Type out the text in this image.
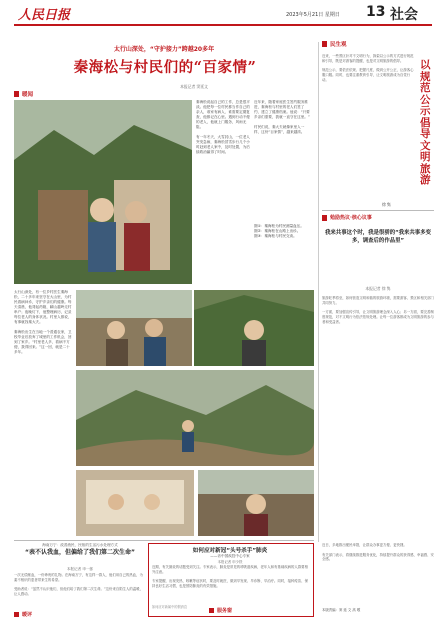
人民日报	2023年5月21日 星期日 13 社会
太行山深处，“守护接力”跨越20多年
秦海松与村民们的“百家情”
本报记者 窦延文
暖闻
秦海松说起自己的工作，总是很平淡。他把每一位村民都当作自己的亲人，谁家有病人、谁需要定期复查，他都记在心里。遇到行动不便的老人，他就上门服务，风雨无阻。

有一年冬天，大雪封山，一位老人突发急病，秦海松冒雪步行几个小时赶到老人家中，及时处置，为后续救治赢得了时间。
近年来，随着家庭医生签约服务推进，秦海松与村里的老人们签了约，建立了健康档案。他说：“只要乡亲们需要，我就一直守在这里。”

村民们说，秦大夫就像家里人一样，这份“百家情”，越来越浓。
图①：秦海松为村民测量血压。
图②：秦海松在山路上出诊。
图③：秦海松与村民交谈。
太行山深处，有一位乡村医生秦海松，二十多年来坚守在大山里，为村民看病问诊，守护乡亲们的健康。每天清晨，他背起药箱，翻山越岭走村串户；夜晚灯下，他整理病历，记录每位老人的身体状况。村里人都说，有事就找秦大夫。

秦海松出生在当地一个普通农家，卫校毕业后放弃了城里的工作机会，回到了家乡。“村里老人多，看病不方便，我得回来。”这一回，就是二十多年。
民生观
以规范公示倡导文明旅游
近来，一些景区针对不文明行为，探索以公示的方式进行规范和引导，既是对游客的提醒，也是对文明旅游的倡导。

规范公示，要依法依规、把握尺度，做到公开公正，让游客心服口服。同时，也要注重教育引导，让文明旅游成为自觉行动。
徐 隽
勉励热议·核心议事
我来共事这个时，我是很骄的“我来共事多变多，调查后的作品里”
本报记者 徐 隽
旅游旺季将至，如何营造文明和谐的旅游环境，需要游客、景区和相关部门共同努力。

一方面，要加强宣传引导，让文明旅游理念深入人心；另一方面，要完善制度规范，对不文明行为依法依规处理。让每一位游客都成为文明旅游的参与者和受益者。
海南万宁：改善渔民、民宿的生活污水处理方式
“表不认我血，但偏给了我们第二次生命”
本报记者 申一郎
一次无偿献血，一份珍贵的礼物。在海南万宁，有这样一群人，他们用自己的热血，为素不相识的患者带来生的希望。

受助者说：“虽然不认识他们，但他们给了我们第二次生命。”这份来自陌生人的温暖，让人感动。
暖评
如何应对新冠“头号杀手”肺炎
——访中国疾控中心专家
本报记者 申少铁
近期，有关肺炎的话题受到关注。专家表示，肺炎是常见的呼吸道疾病，老年人和有基础疾病的人群要格外注意。

专家提醒，出现发热、咳嗽等症状时，要及时就医，做到早发现、早诊断、早治疗。同时，接种疫苗、保持良好生活习惯，也是预防肺炎的有效措施。
如何应对新闻中的假消息
服务窗
近日，多地推出便民举措，让群众办事更方便、更快捷。

有关部门表示，将继续推进服务优化，持续提升群众的获得感、幸福感、安全感。
本版责编：窦 延 文 高 敬
